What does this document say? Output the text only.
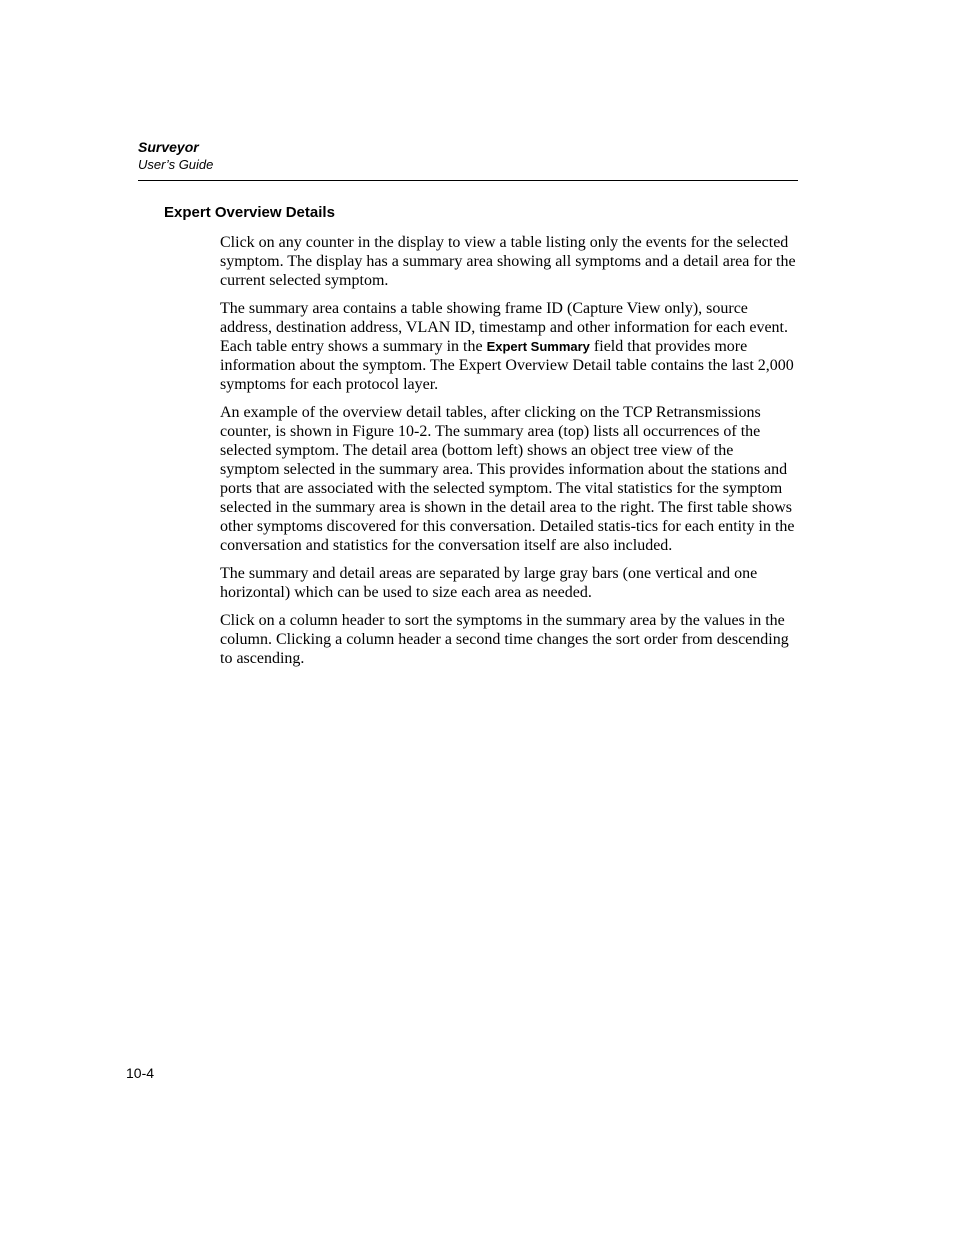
Surveyor
User’s Guide
Expert Overview Details

Click on any counter in the display to view a table listing only the events for the selected symptom. The display has a summary area showing all symptoms and a detail area for the current selected symptom.

The summary area contains a table showing frame ID (Capture View only), source address, destination address, VLAN ID, timestamp and other information for each event. Each table entry shows a summary in the Expert Summary field that provides more information about the symptom. The Expert Overview Detail table contains the last 2,000 symptoms for each protocol layer.

An example of the overview detail tables, after clicking on the TCP Retransmissions counter, is shown in Figure 10-2. The summary area (top) lists all occurrences of the selected symptom. The detail area (bottom left) shows an object tree view of the symptom selected in the summary area. This provides information about the stations and ports that are associated with the selected symptom. The vital statistics for the symptom selected in the summary area is shown in the detail area to the right. The first table shows other symptoms discovered for this conversation. Detailed statis-tics for each entity in the conversation and statistics for the conversation itself are also included.

The summary and detail areas are separated by large gray bars (one vertical and one horizontal) which can be used to size each area as needed.

Click on a column header to sort the symptoms in the summary area by the values in the column. Clicking a column header a second time changes the sort order from descending to ascending.

10-4
